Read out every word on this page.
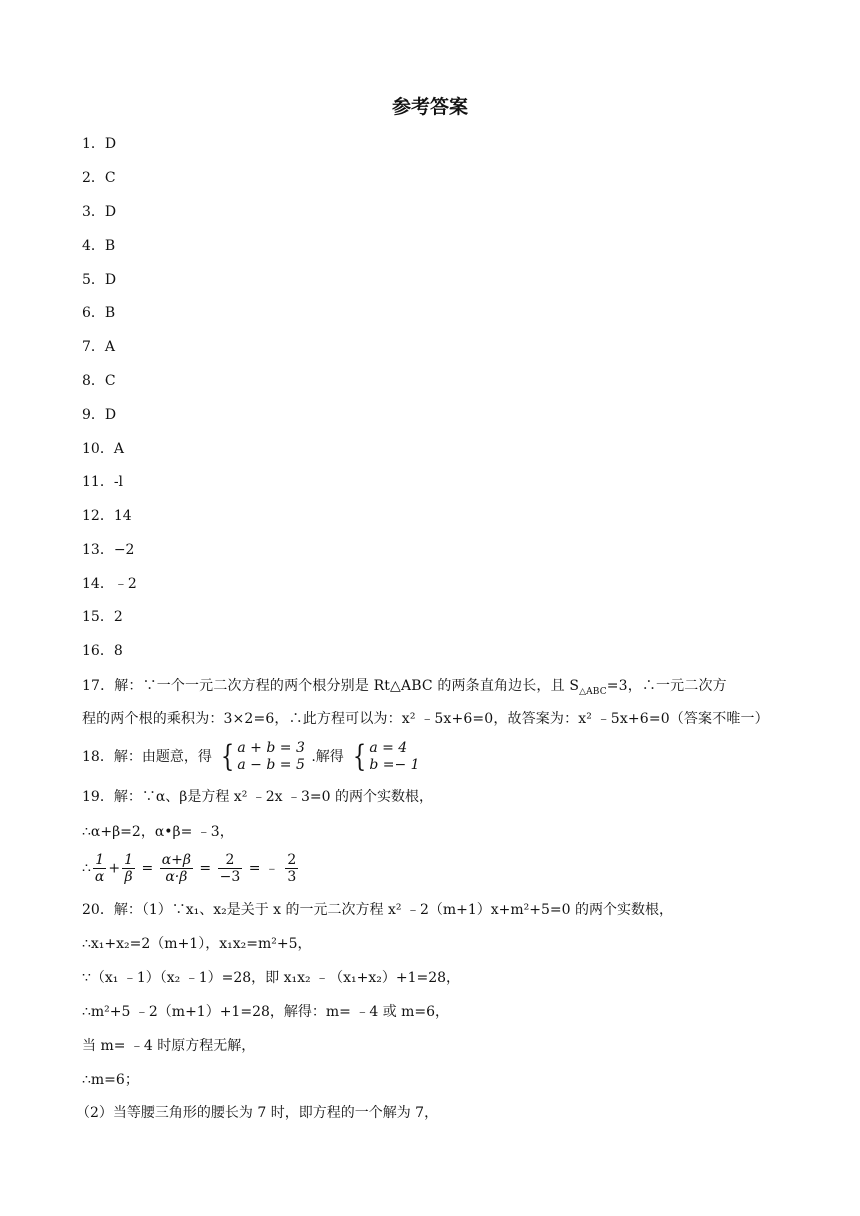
参考答案
1．D
2．C
3．D
4．B
5．D
6．B
7．A
8．C
9．D
10．A
11．-l
12．14
13．−2
14．﹣2
15．2
16．8
17．解：∵一个一元二次方程的两个根分别是 Rt△ABC 的两条直角边长，且 $S_{\triangle ABC}=3$，∴一元二次方
程的两个根的乘积为：3×2=6，∴此方程可以为：x² ﹣5x+6=0，故答案为：x² ﹣5x+6=0（答案不唯一）
18．解：由题意，得 { a + b = 3
a − b = 5 .解得 { a = 4
b =− 1
19．解：∵α、β是方程 x² ﹣2x ﹣3=0 的两个实数根，
∴α+β=2，α•β= ﹣3，
∴ $\frac{1}{\alpha} + \frac{1}{\beta} = \frac{\alpha+\beta}{\alpha\cdot\beta} = \frac{2}{-3}$ = ﹣ $\frac{2}{3}$
20．解：（1）∵x₁、x₂是关于 x 的一元二次方程 x² ﹣2（m+1）x+m²+5=0 的两个实数根，
∴x₁+x₂=2（m+1），x₁x₂=m²+5，
∵（x₁ ﹣1）（x₂ ﹣1）=28，即 x₁x₂ ﹣（x₁+x₂）+1=28，
∴m²+5 ﹣2（m+1）+1=28，解得：m= ﹣4 或 m=6，
当 m= ﹣4 时原方程无解，
∴m=6；
（2）当等腰三角形的腰长为 7 时，即方程的一个解为 7，
